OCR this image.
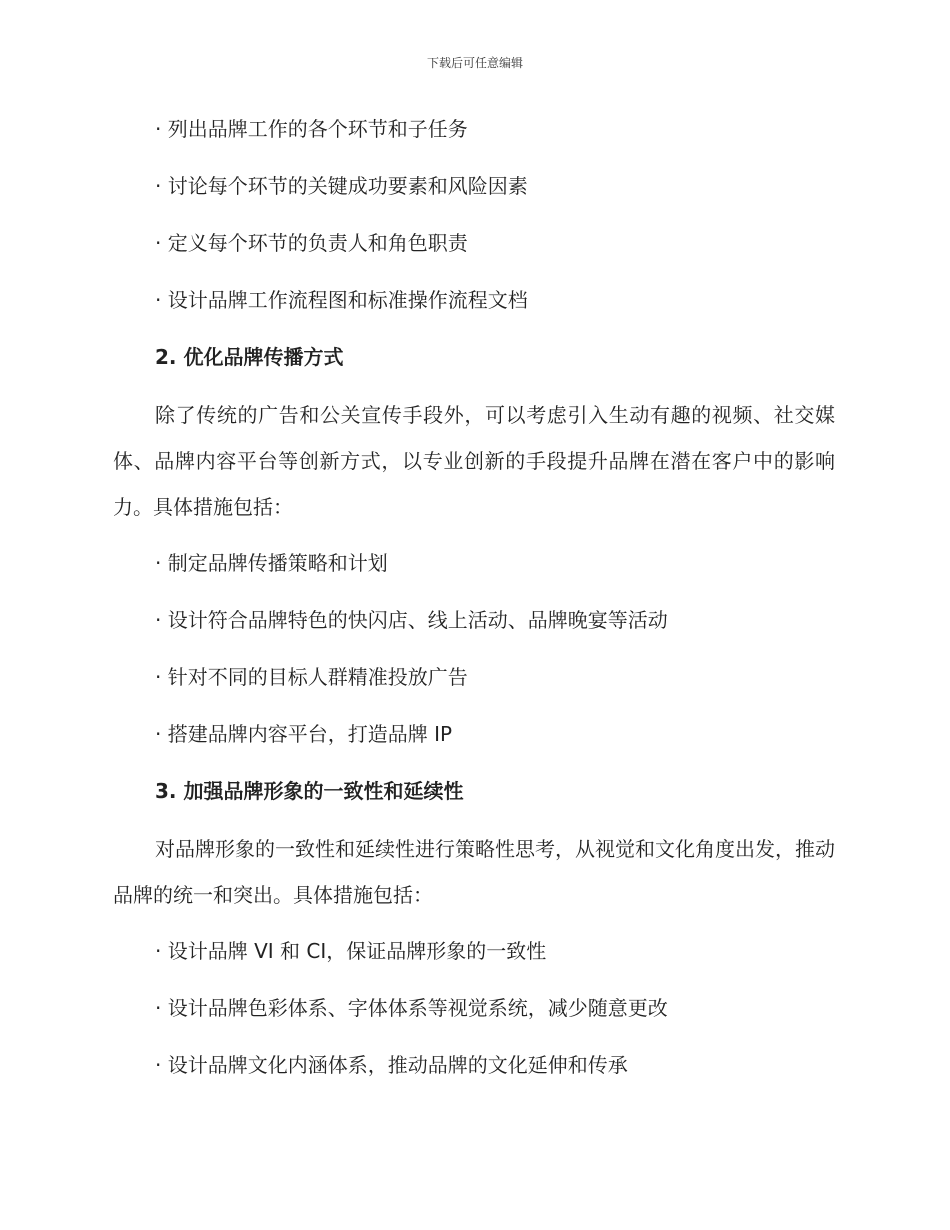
下载后可任意编辑
· 列出品牌工作的各个环节和子任务
· 讨论每个环节的关键成功要素和风险因素
· 定义每个环节的负责人和角色职责
· 设计品牌工作流程图和标准操作流程文档
2. 优化品牌传播方式
除了传统的广告和公关宣传手段外，可以考虑引入生动有趣的视频、社交媒体、品牌内容平台等创新方式，以专业创新的手段提升品牌在潜在客户中的影响力。具体措施包括：
· 制定品牌传播策略和计划
· 设计符合品牌特色的快闪店、线上活动、品牌晚宴等活动
· 针对不同的目标人群精准投放广告
· 搭建品牌内容平台，打造品牌 IP
3. 加强品牌形象的一致性和延续性
对品牌形象的一致性和延续性进行策略性思考，从视觉和文化角度出发，推动品牌的统一和突出。具体措施包括：
· 设计品牌 VI 和 CI，保证品牌形象的一致性
· 设计品牌色彩体系、字体体系等视觉系统，减少随意更改
· 设计品牌文化内涵体系，推动品牌的文化延伸和传承
